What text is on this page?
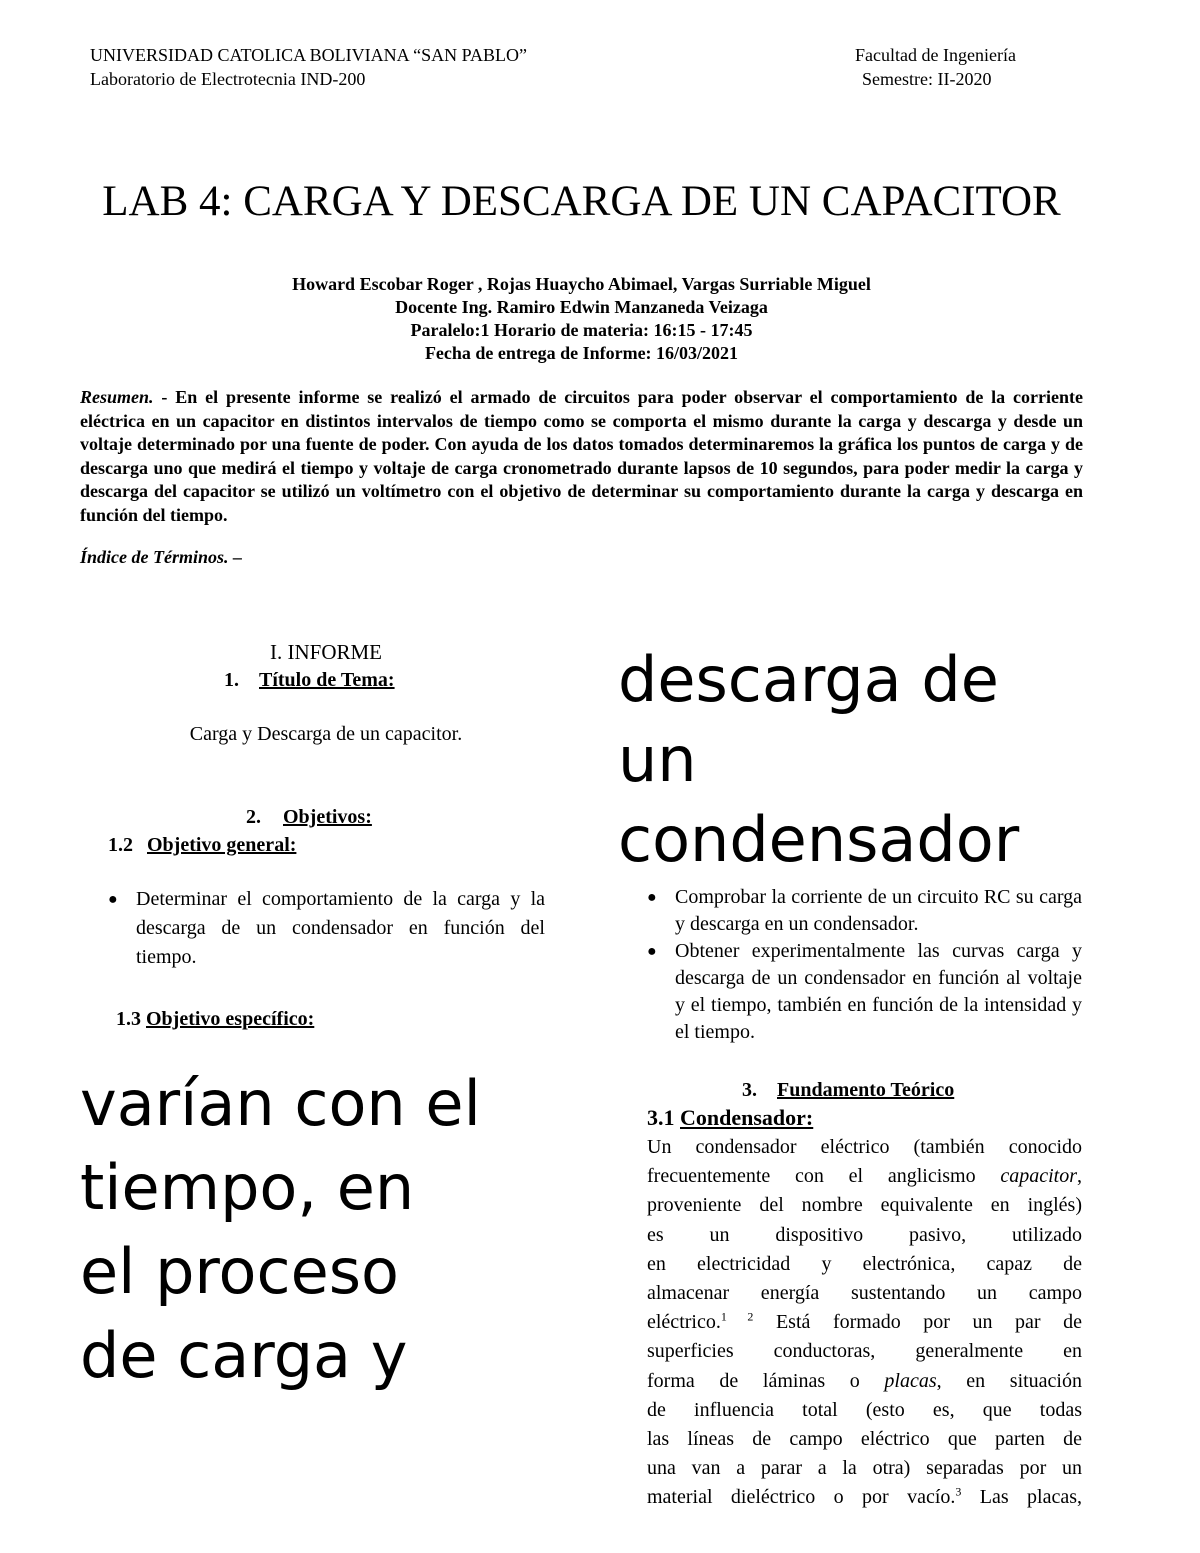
UNIVERSIDAD CATOLICA BOLIVIANA “SAN PABLO”
Laboratorio de Electrotecnia IND-200
Facultad de Ingeniería
Semestre: II-2020
LAB 4: CARGA Y DESCARGA DE UN CAPACITOR
Howard Escobar Roger , Rojas Huaycho Abimael, Vargas Surriable Miguel
Docente Ing. Ramiro Edwin Manzaneda Veizaga
Paralelo:1 Horario de materia: 16:15 - 17:45
Fecha de entrega de Informe: 16/03/2021
Resumen. - En el presente informe se realizó el armado de circuitos para poder observar el comportamiento de la corriente eléctrica en un capacitor en distintos intervalos de tiempo como se comporta el mismo durante la carga y descarga y desde un voltaje determinado por una fuente de poder. Con ayuda de los datos tomados determinaremos la gráfica los puntos de carga y de descarga uno que medirá el tiempo y voltaje de carga cronometrado durante lapsos de 10 segundos, para poder medir la carga y descarga del capacitor se utilizó un voltímetro con el objetivo de determinar su comportamiento durante la carga y descarga en función del tiempo.
Índice de Términos. –
I. INFORME
1. Título de Tema:
Carga y Descarga de un capacitor.
2. Objetivos:
1.2 Objetivo general:
● Determinar el comportamiento de la carga y la descarga de un condensador en función del tiempo.
1.3 Objetivo específico:
varían con el
tiempo, en
el proceso
de carga y
descarga de
un
condensador
● Comprobar la corriente de un circuito RC su carga y descarga en un condensador.
● Obtener experimentalmente las curvas carga y descarga de un condensador en función al voltaje y el tiempo, también en función de la intensidad y el tiempo.
3. Fundamento Teórico
3.1 Condensador:
Un condensador eléctrico (también conocido
frecuentemente con el anglicismo capacitor,
proveniente del nombre equivalente en inglés)
es un dispositivo pasivo, utilizado
en electricidad y electrónica, capaz de
almacenar energía sustentando un campo
eléctrico.$^{1 2}$ Está formado por un par de
superficies conductoras, generalmente en
forma de láminas o placas, en situación
de influencia total (esto es, que todas
las líneas de campo eléctrico que parten de
una van a parar a la otra) separadas por un
material dieléctrico o por vacío.$^3$ Las placas,
